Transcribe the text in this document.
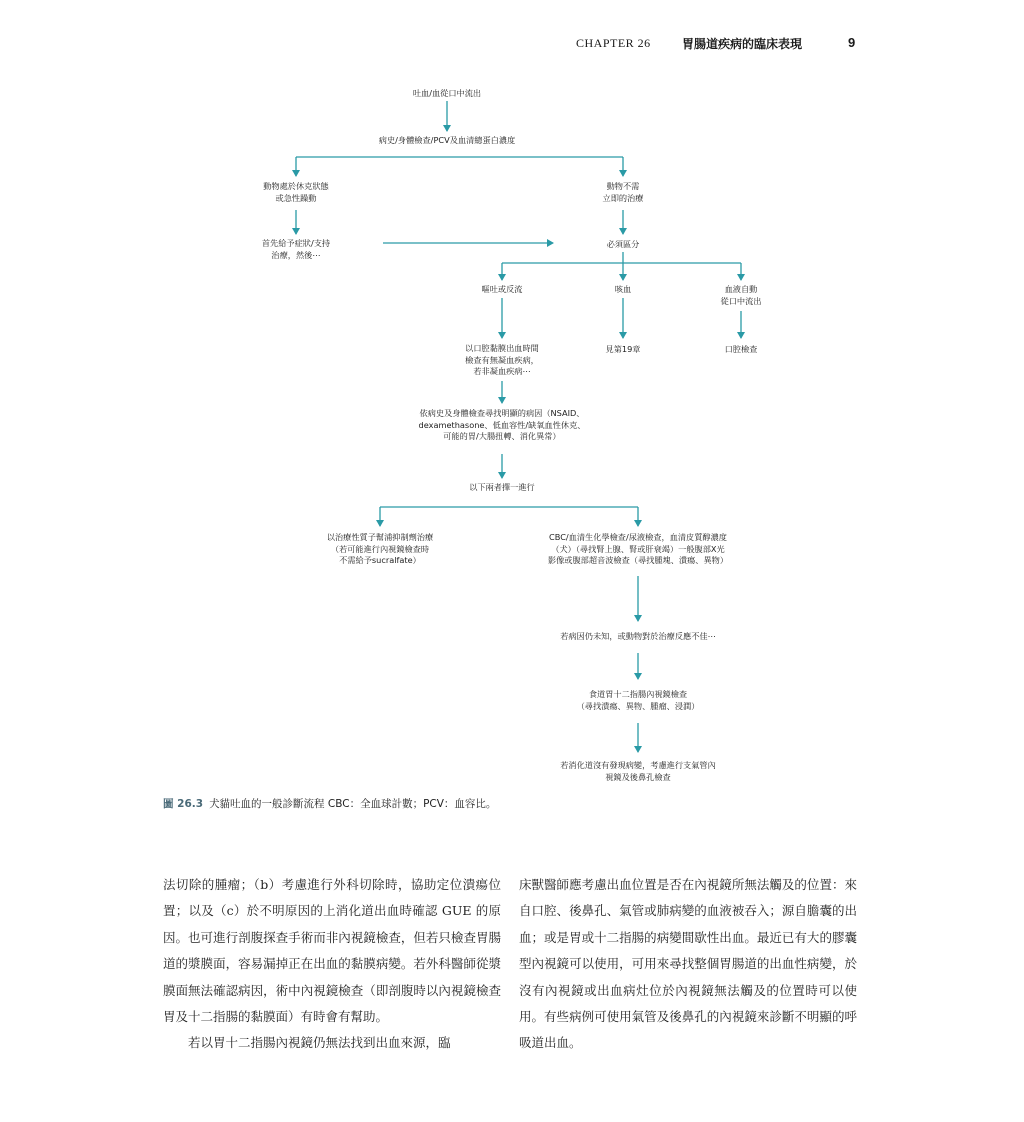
CHAPTER 26	胃腸道疾病的臨床表現	9
吐血/血從口中流出
病史/身體檢查/PCV及血清總蛋白濃度
動物處於休克狀態
或急性躁動
動物不需
立即的治療
首先給予症狀/支持
治療，然後⋯
必須區分
嘔吐或反流	咳血	血液自動
從口中流出
以口腔黏膜出血時間
檢查有無凝血疾病，
若非凝血疾病⋯
見第19章	口腔檢查
依病史及身體檢查尋找明顯的病因（NSAID、
dexamethasone、低血容性/缺氧血性休克、
可能的胃/大腸扭轉、消化異常）
以下兩者擇一進行
以治療性質子幫浦抑制劑治療
（若可能進行內視鏡檢查時
不需給予sucralfate）
CBC/血清生化學檢查/尿液檢查，血清皮質醇濃度
（犬）（尋找腎上腺、腎或肝衰竭）一般腹部X光
影像或腹部超音波檢查（尋找腫塊、潰瘍、異物）
若病因仍未知，或動物對於治療反應不佳⋯
食道胃十二指腸內視鏡檢查
（尋找潰瘍、異物、腫瘤、浸潤）
若消化道沒有發現病變，考慮進行支氣管內
視鏡及後鼻孔檢查
圖 26.3 犬貓吐血的一般診斷流程 CBC：全血球計數；PCV：血容比。

法切除的腫瘤；（b）考慮進行外科切除時，協助定位潰瘍位置；以及（c）於不明原因的上消化道出血時確認 GUE 的原因。也可進行剖腹探查手術而非內視鏡檢查，但若只檢查胃腸道的漿膜面，容易漏掉正在出血的黏膜病變。若外科醫師從漿膜面無法確認病因，術中內視鏡檢查（即剖腹時以內視鏡檢查胃及十二指腸的黏膜面）有時會有幫助。

若以胃十二指腸內視鏡仍無法找到出血來源，臨

床獸醫師應考慮出血位置是否在內視鏡所無法觸及的位置：來自口腔、後鼻孔、氣管或肺病變的血液被吞入；源自膽囊的出血；或是胃或十二指腸的病變間歇性出血。最近已有大的膠囊型內視鏡可以使用，可用來尋找整個胃腸道的出血性病變，於沒有內視鏡或出血病灶位於內視鏡無法觸及的位置時可以使用。有些病例可使用氣管及後鼻孔的內視鏡來診斷不明顯的呼吸道出血。
